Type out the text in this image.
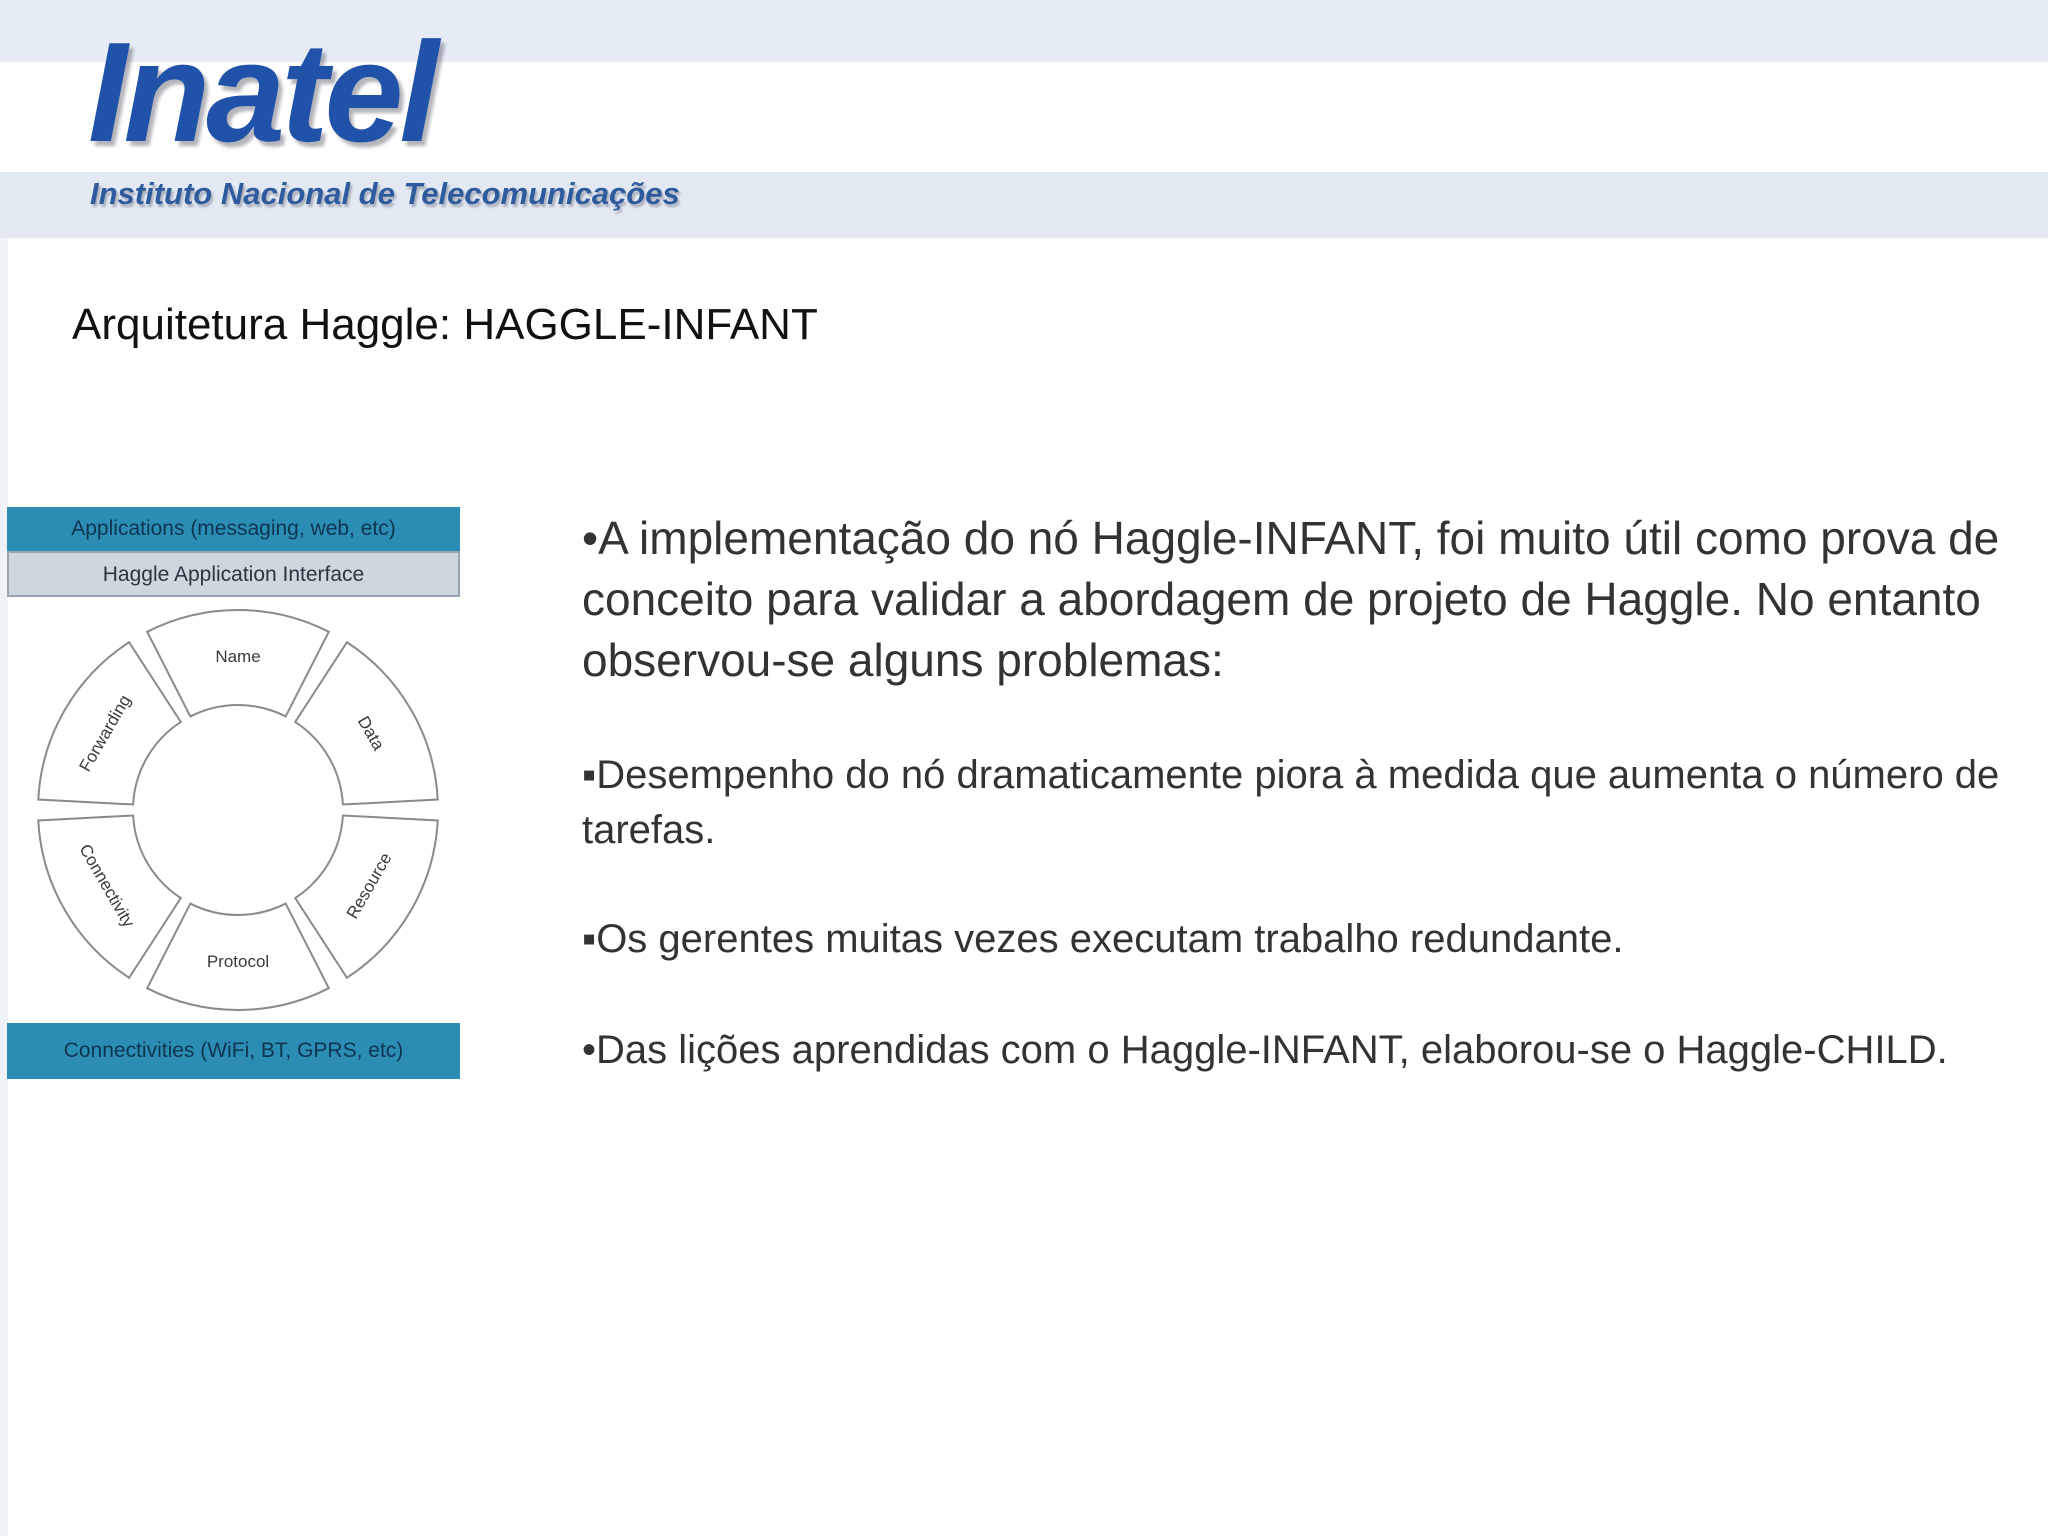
Inatel
Instituto Nacional de Telecomunicações
Arquitetura Haggle: HAGGLE-INFANT
Applications (messaging, web, etc)
Haggle Application Interface
Name
Data
Resource
Protocol
Connectivity
Forwarding
Connectivities (WiFi, BT, GPRS, etc)
•A implementação do nó Haggle-INFANT, foi muito útil como prova de conceito para validar a abordagem de projeto de Haggle. No entanto observou-se alguns problemas:
▪Desempenho do nó dramaticamente piora à medida que aumenta o número de tarefas.
▪Os gerentes muitas vezes executam trabalho redundante.
•Das lições aprendidas com o Haggle-INFANT, elaborou-se o Haggle-CHILD.
